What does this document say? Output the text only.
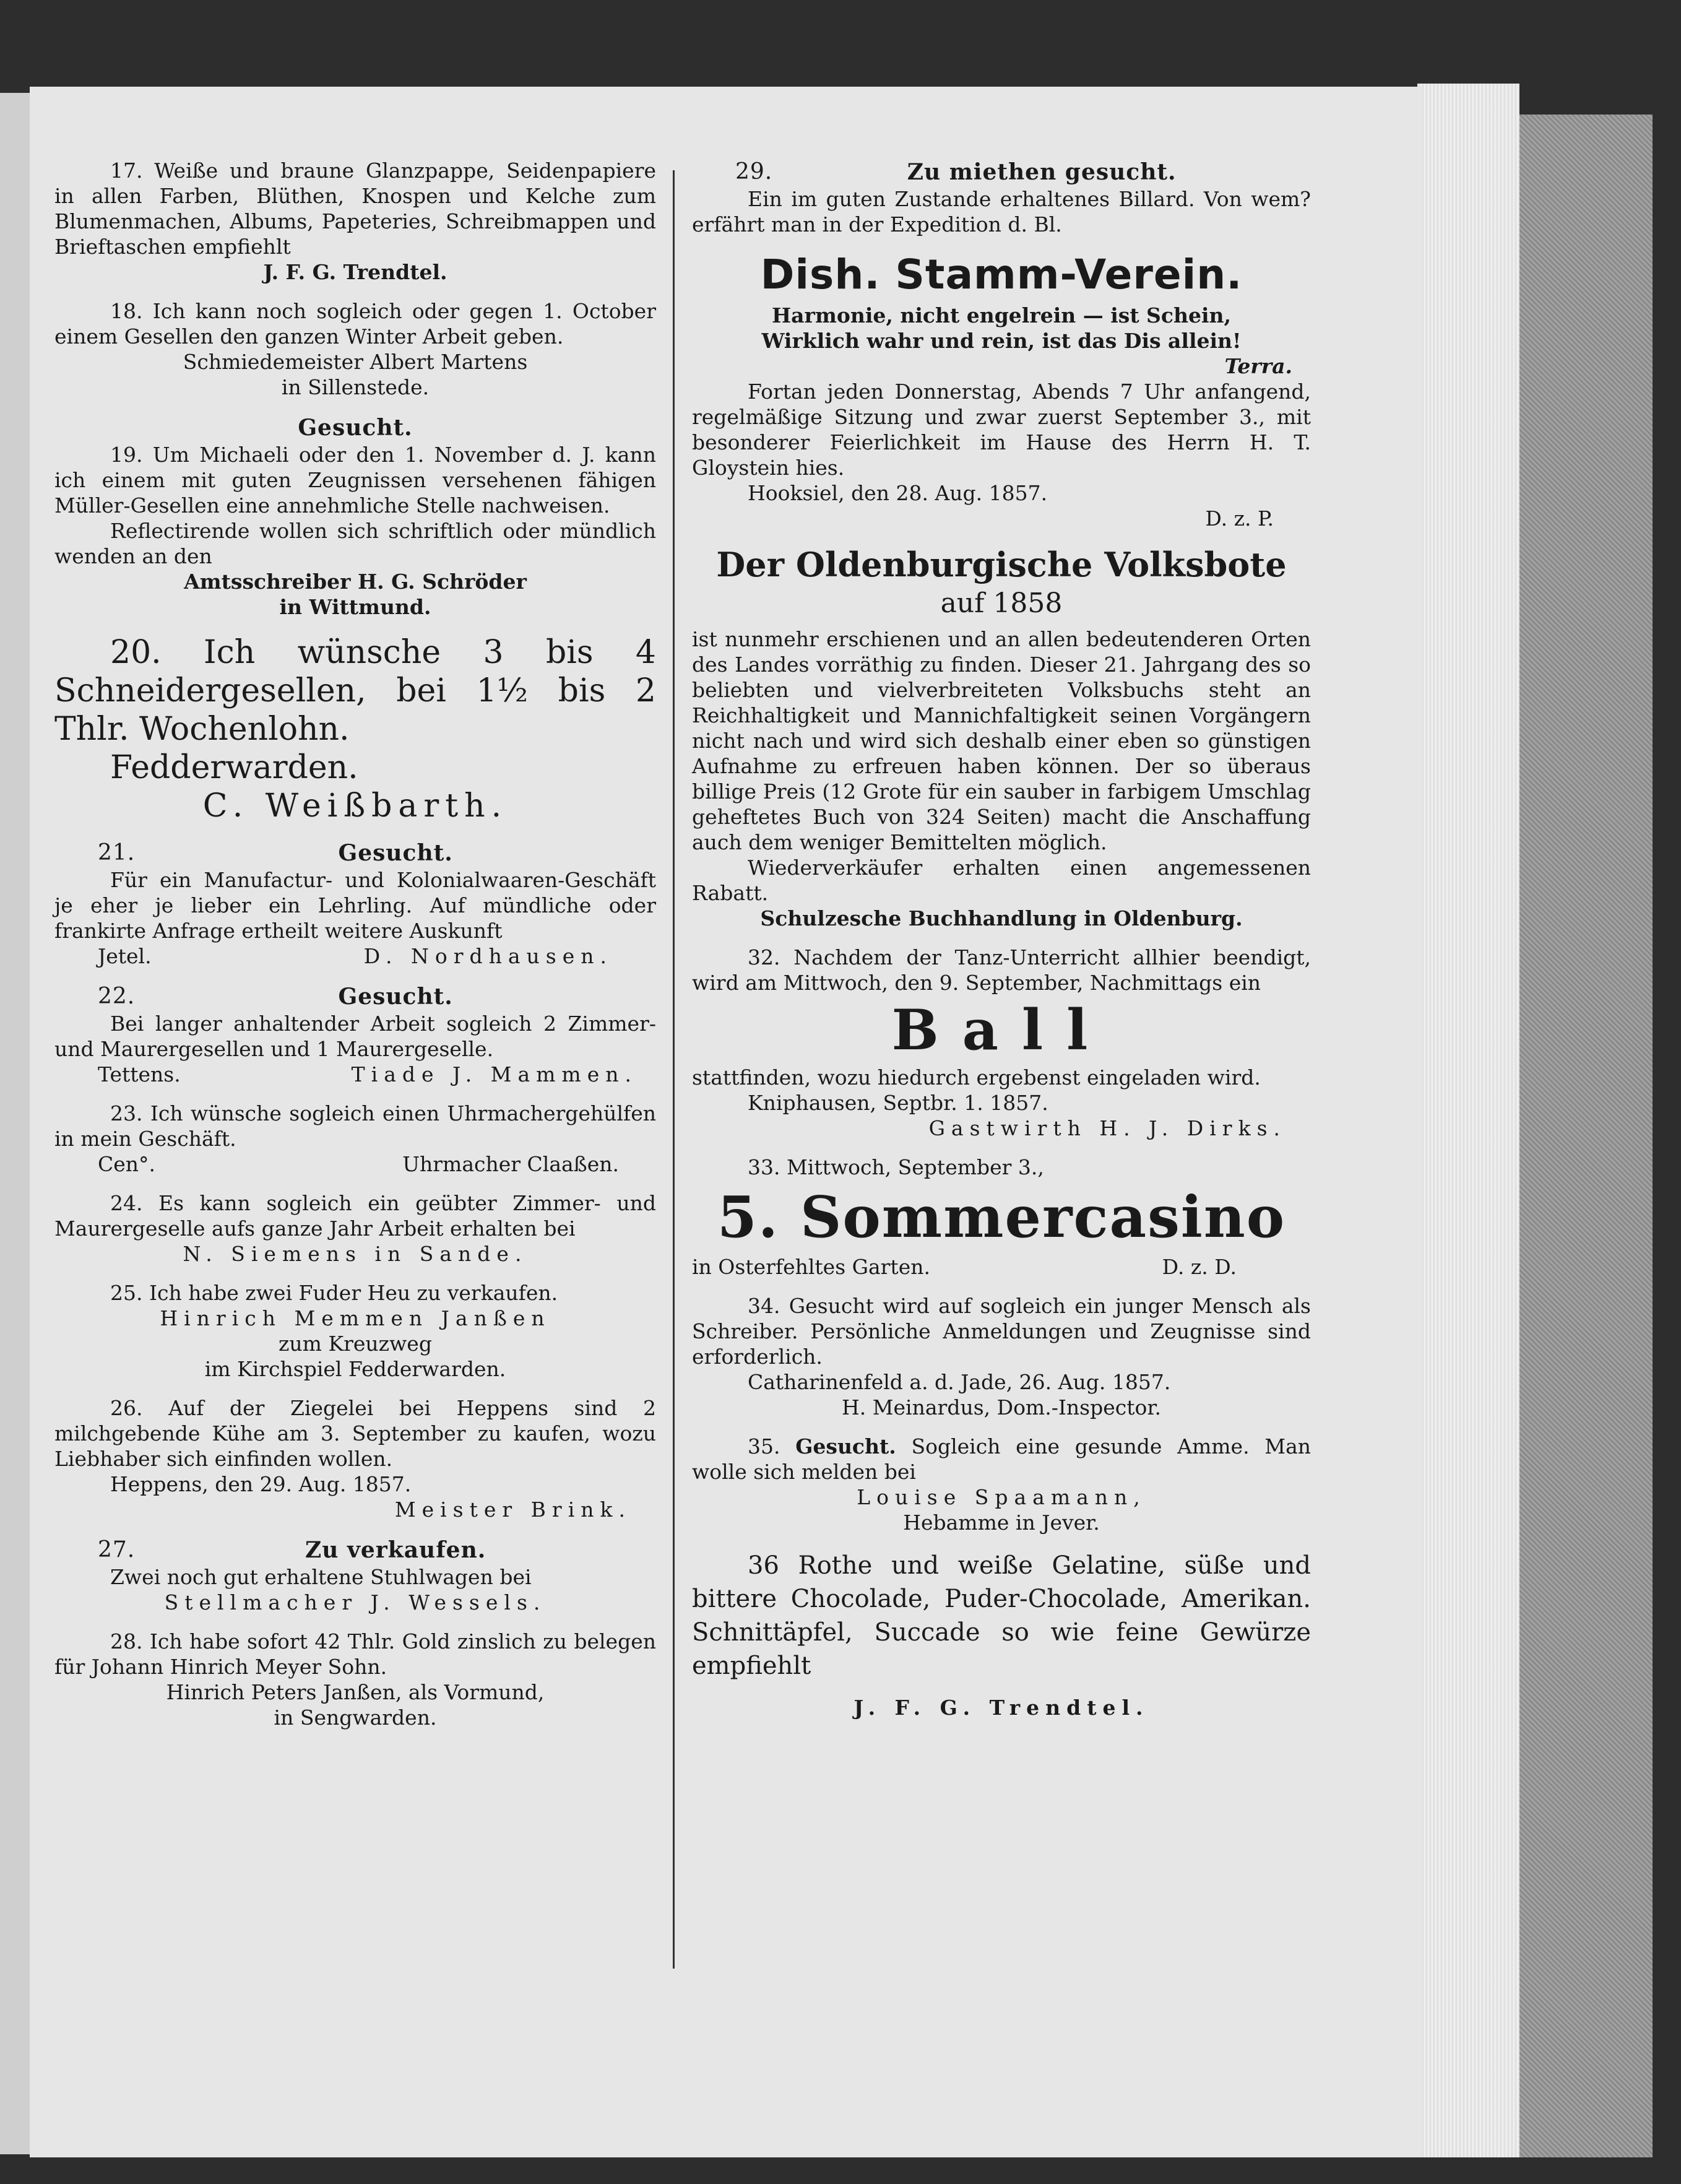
17. Weiße und braune Glanzpappe, Seidenpapiere in allen Farben, Blüthen, Knospen und Kelche zum Blumenmachen, Albums, Papeteries, Schreibmappen und Brieftaschen empfiehlt

J. F. G. Trendtel.

18. Ich kann noch sogleich oder gegen 1. October einem Gesellen den ganzen Winter Arbeit geben.

Schmiedemeister Albert Martens

in Sillenstede.

Gesucht.

19. Um Michaeli oder den 1. November d. J. kann ich einem mit guten Zeugnissen versehenen fähigen Müller-Gesellen eine annehmliche Stelle nachweisen.

Reflectirende wollen sich schriftlich oder mündlich wenden an den

Amtsschreiber H. G. Schröder

in Wittmund.

20. Ich wünsche 3 bis 4 Schneidergesellen, bei 1½ bis 2 Thlr. Wochenlohn.

Fedderwarden.

C. Weißbarth.

21.	Gesucht.

Für ein Manufactur- und Kolonialwaaren-Geschäft je eher je lieber ein Lehrling. Auf mündliche oder frankirte Anfrage ertheilt weitere Auskunft

Jetel.	D. Nordhausen.

22.	Gesucht.

Bei langer anhaltender Arbeit sogleich 2 Zimmer- und Maurergesellen und 1 Maurergeselle.

Tettens.	Tiade J. Mammen.

23. Ich wünsche sogleich einen Uhrmachergehülfen in mein Geschäft.

Cen°.	Uhrmacher Claaßen.

24. Es kann sogleich ein geübter Zimmer- und Maurergeselle aufs ganze Jahr Arbeit erhalten bei

N. Siemens in Sande.

25. Ich habe zwei Fuder Heu zu verkaufen.

Hinrich Memmen Janßen

zum Kreuzweg

im Kirchspiel Fedderwarden.

26. Auf der Ziegelei bei Heppens sind 2 milchgebende Kühe am 3. September zu kaufen, wozu Liebhaber sich einfinden wollen.

Heppens, den 29. Aug. 1857.

Meister Brink.

27.	Zu verkaufen.

Zwei noch gut erhaltene Stuhlwagen bei

Stellmacher J. Wessels.

28. Ich habe sofort 42 Thlr. Gold zinslich zu belegen für Johann Hinrich Meyer Sohn.

Hinrich Peters Janßen, als Vormund,

in Sengwarden.

29.	Zu miethen gesucht.

Ein im guten Zustande erhaltenes Billard. Von wem? erfährt man in der Expedition d. Bl.

Dish. Stamm-Verein.

Harmonie, nicht engelrein — ist Schein,

Wirklich wahr und rein, ist das Dis allein!

Terra.

Fortan jeden Donnerstag, Abends 7 Uhr anfangend, regelmäßige Sitzung und zwar zuerst September 3., mit besonderer Feierlichkeit im Hause des Herrn H. T. Gloystein hies.

Hooksiel, den 28. Aug. 1857.

D. z. P.

Der Oldenburgische Volksbote
auf 1858

ist nunmehr erschienen und an allen bedeutenderen Orten des Landes vorräthig zu finden. Dieser 21. Jahrgang des so beliebten und vielverbreiteten Volksbuchs steht an Reichhaltigkeit und Mannichfaltigkeit seinen Vorgängern nicht nach und wird sich deshalb einer eben so günstigen Aufnahme zu erfreuen haben können. Der so überaus billige Preis (12 Grote für ein sauber in farbigem Umschlag geheftetes Buch von 324 Seiten) macht die Anschaffung auch dem weniger Bemittelten möglich.

Wiederverkäufer erhalten einen angemessenen Rabatt.

Schulzesche Buchhandlung in Oldenburg.

32. Nachdem der Tanz-Unterricht allhier beendigt, wird am Mittwoch, den 9. September, Nachmittags ein

Ball

stattfinden, wozu hiedurch ergebenst eingeladen wird.

Kniphausen, Septbr. 1. 1857.

Gastwirth H. J. Dirks.

33. Mittwoch, September 3.,

5. Sommercasino

in Osterfehltes Garten.	D. z. D.

34. Gesucht wird auf sogleich ein junger Mensch als Schreiber. Persönliche Anmeldungen und Zeugnisse sind erforderlich.

Catharinenfeld a. d. Jade, 26. Aug. 1857.

H. Meinardus, Dom.-Inspector.

35. Gesucht. Sogleich eine gesunde Amme. Man wolle sich melden bei

Louise Spaamann,

Hebamme in Jever.

36 Rothe und weiße Gelatine, süße und bittere Chocolade, Puder-Chocolade, Amerikan. Schnittäpfel, Succade so wie feine Gewürze empfiehlt

J. F. G. Trendtel.
